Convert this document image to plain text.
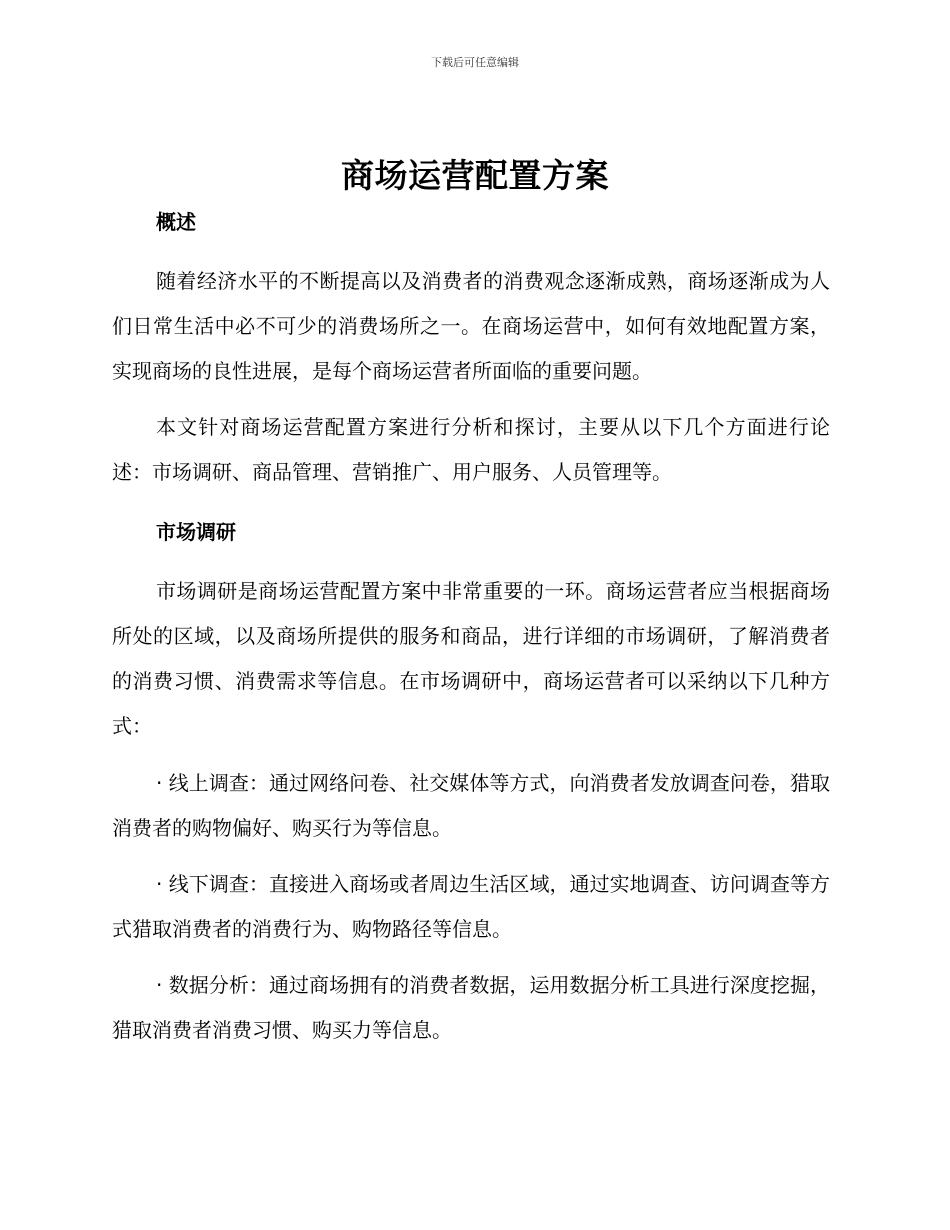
下载后可任意编辑
商场运营配置方案
概述

随着经济水平的不断提高以及消费者的消费观念逐渐成熟，商场逐渐成为人们日常生活中必不可少的消费场所之一。在商场运营中，如何有效地配置方案，实现商场的良性进展，是每个商场运营者所面临的重要问题。

本文针对商场运营配置方案进行分析和探讨，主要从以下几个方面进行论述：市场调研、商品管理、营销推广、用户服务、人员管理等。

市场调研

市场调研是商场运营配置方案中非常重要的一环。商场运营者应当根据商场所处的区域，以及商场所提供的服务和商品，进行详细的市场调研，了解消费者的消费习惯、消费需求等信息。在市场调研中，商场运营者可以采纳以下几种方式：

· 线上调查：通过网络问卷、社交媒体等方式，向消费者发放调查问卷，猎取消费者的购物偏好、购买行为等信息。

· 线下调查：直接进入商场或者周边生活区域，通过实地调查、访问调查等方式猎取消费者的消费行为、购物路径等信息。

· 数据分析：通过商场拥有的消费者数据，运用数据分析工具进行深度挖掘，猎取消费者消费习惯、购买力等信息。
